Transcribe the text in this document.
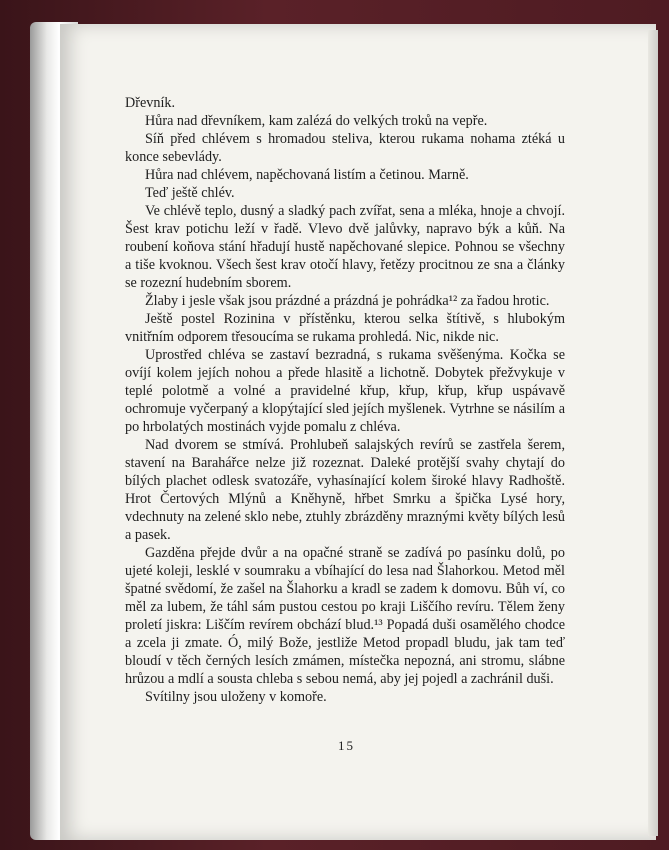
Dřevník.

Hůra nad dřevníkem, kam zalézá do velkých troků na vepře.

Síň před chlévem s hromadou steliva, kterou rukama nohama ztéká u konce sebevlády.

Hůra nad chlévem, napěchovaná listím a četinou. Marně.

Teď ještě chlév.

Ve chlévě teplo, dusný a sladký pach zvířat, sena a mléka, hnoje a chvojí. Šest krav potichu leží v řadě. Vlevo dvě jalůvky, napravo býk a kůň. Na roubení koňova stání hřadují hustě napěchované slepice. Pohnou se všechny a tiše kvoknou. Všech šest krav otočí hlavy, řetězy procitnou ze sna a články se rozezní hudebním sborem.

Žlaby i jesle však jsou prázdné a prázdná je pohrádka¹² za řadou hrotic.

Ještě postel Rozinina v přístěnku, kterou selka štítivě, s hlubokým vnitřním odporem třesoucíma se rukama prohledá. Nic, nikde nic.

Uprostřed chléva se zastaví bezradná, s rukama svěšenýma. Kočka se ovíjí kolem jejích nohou a přede hlasitě a lichotně. Dobytek přežvykuje v teplé polotmě a volné a pravidelné křup, křup, křup, křup uspávavě ochromuje vyčerpaný a klopýtající sled jejích myšlenek. Vytrhne se násilím a po hrbolatých mostinách vyjde pomalu z chléva.

Nad dvorem se stmívá. Prohlubeň salajských revírů se zastřela šerem, stavení na Barahářce nelze již rozeznat. Daleké protější svahy chytají do bílých plachet odlesk svatozáře, vyhasínající kolem široké hlavy Radhoště. Hrot Čertových Mlýnů a Kněhyně, hřbet Smrku a špička Lysé hory, vdechnuty na zelené sklo nebe, ztuhly zbrázděny mraznými květy bílých lesů a pasek.

Gazděna přejde dvůr a na opačné straně se zadívá po pasínku dolů, po ujeté koleji, lesklé v soumraku a vbíhající do lesa nad Šlahorkou. Metod měl špatné svědomí, že zašel na Šlahorku a kradl se zadem k domovu. Bůh ví, co měl za lubem, že táhl sám pustou cestou po kraji Liščího revíru. Tělem ženy proletí jiskra: Liščím revírem obchází blud.¹³ Popadá duši osamělého chodce a zcela ji zmate. Ó, milý Bože, jestliže Metod propadl bludu, jak tam teď bloudí v těch černých lesích zmámen, místečka nepozná, ani stromu, slábne hrůzou a mdlí a sousta chleba s sebou nemá, aby jej pojedl a zachránil duši.

Svítilny jsou uloženy v komoře.

15
